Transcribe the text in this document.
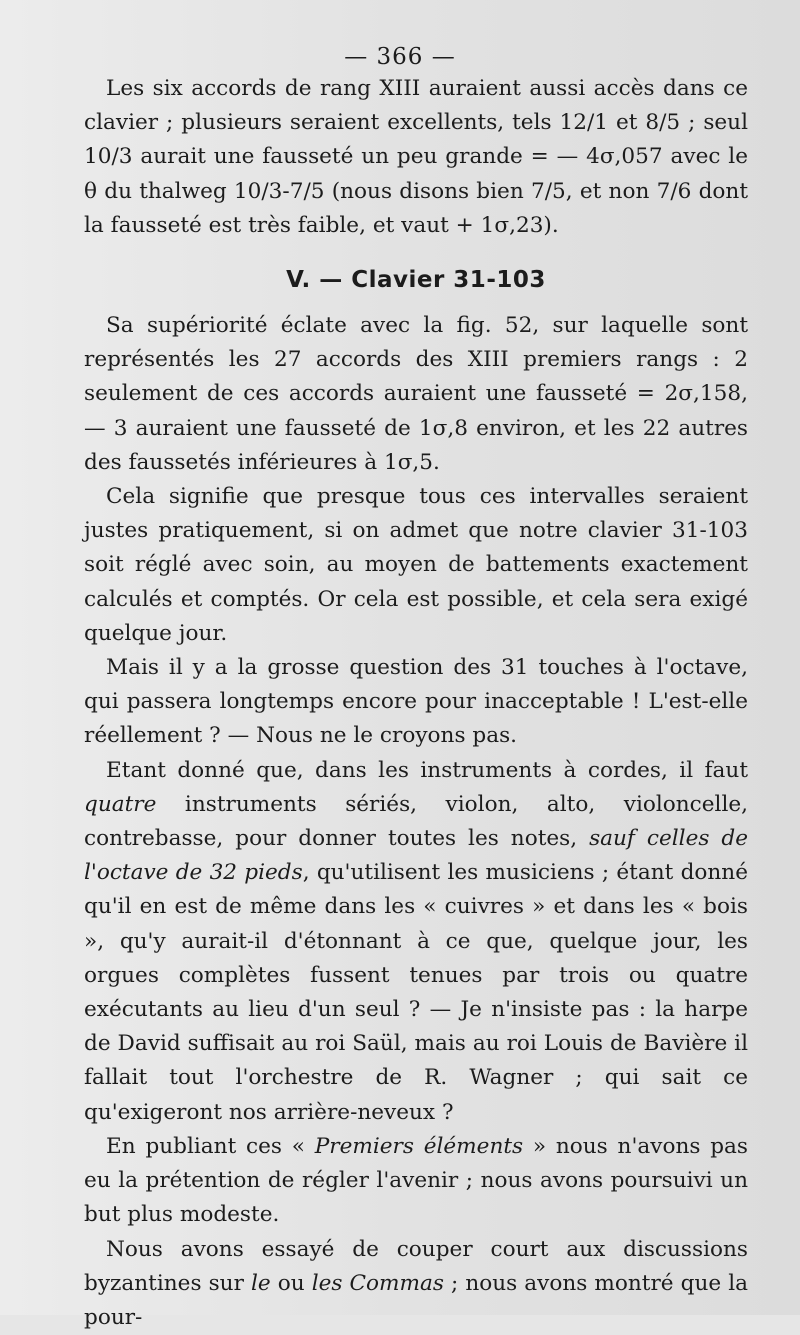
— 366 —

Les six accords de rang XIII auraient aussi accès dans ce clavier ; plusieurs seraient excellents, tels 12/1 et 8/5 ; seul 10/3 aurait une fausseté un peu grande = — 4σ,057 avec le θ du thalweg 10/3-7/5 (nous disons bien 7/5, et non 7/6 dont la fausseté est très faible, et vaut + 1σ,23).

V. — Clavier 31-103

Sa supériorité éclate avec la fig. 52, sur laquelle sont représentés les 27 accords des XIII premiers rangs : 2 seulement de ces accords auraient une fausseté = 2σ,158, — 3 auraient une fausseté de 1σ,8 environ, et les 22 autres des faussetés inférieures à 1σ,5.

Cela signifie que presque tous ces intervalles seraient justes pratiquement, si on admet que notre clavier 31-103 soit réglé avec soin, au moyen de battements exactement calculés et comptés. Or cela est possible, et cela sera exigé quelque jour.

Mais il y a la grosse question des 31 touches à l'octave, qui passera longtemps encore pour inacceptable ! L'est-elle réellement ? — Nous ne le croyons pas.

Etant donné que, dans les instruments à cordes, il faut quatre instruments sériés, violon, alto, violoncelle, contrebasse, pour donner toutes les notes, sauf celles de l'octave de 32 pieds, qu'utilisent les musiciens ; étant donné qu'il en est de même dans les « cuivres » et dans les « bois », qu'y aurait-il d'étonnant à ce que, quelque jour, les orgues complètes fussent tenues par trois ou quatre exécutants au lieu d'un seul ? — Je n'insiste pas : la harpe de David suffisait au roi Saül, mais au roi Louis de Bavière il fallait tout l'orchestre de R. Wagner ; qui sait ce qu'exigeront nos arrière-neveux ?

En publiant ces « Premiers éléments » nous n'avons pas eu la prétention de régler l'avenir ; nous avons poursuivi un but plus modeste.

Nous avons essayé de couper court aux discussions byzantines sur le ou les Commas ; nous avons montré que la pour-
